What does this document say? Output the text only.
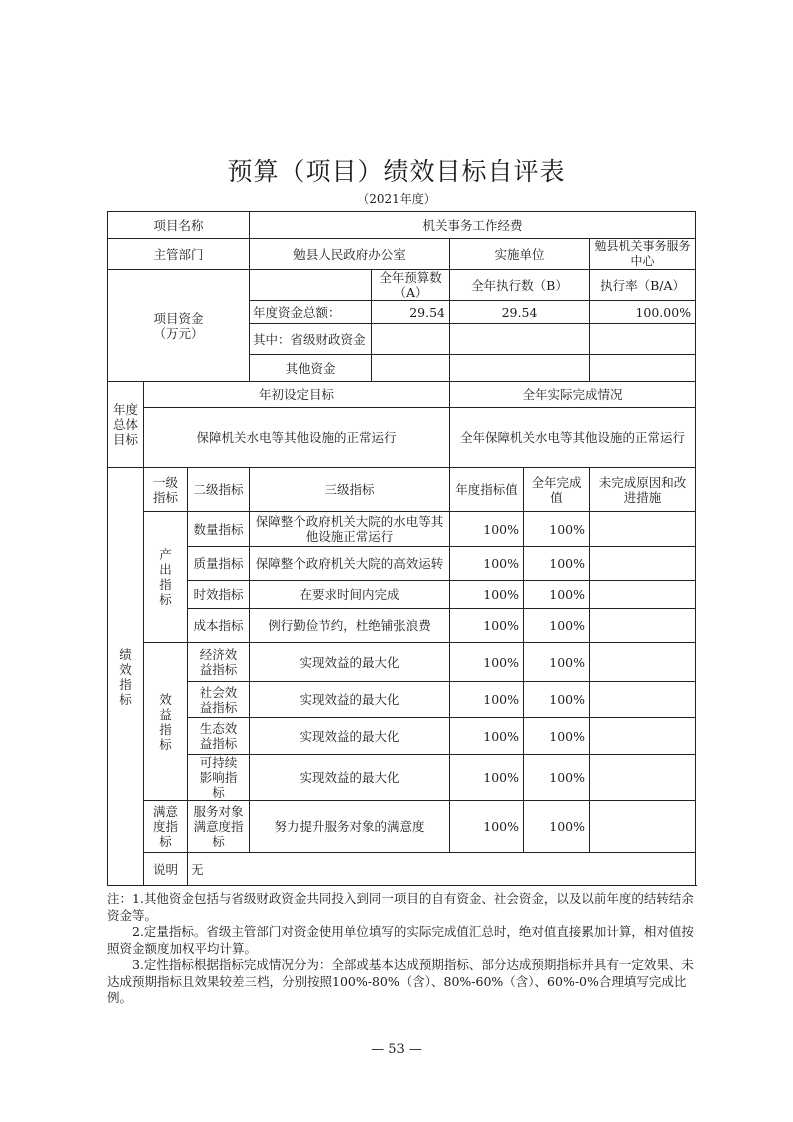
预算（项目）绩效目标自评表
（2021年度）
项目名称			机关事务工作经费				
主管部门			勉县人民政府办公室		实施单位		勉县机关事务服务中心
项目资金（万元）				全年预算数（A）	全年执行数（B）		执行率（B/A）
			年度资金总额：	29.54	29.54		100.00%
			其中：省级财政资金				
			其他资金				
年度总体目标	年初设定目标				全年实际完成情况		
	保障机关水电等其他设施的正常运行				全年保障机关水电等其他设施的正常运行		
绩效指标	一级指标	二级指标	三级指标		年度指标值	全年完成值	未完成原因和改进措施
	产出指标	数量指标	保障整个政府机关大院的水电等其他设施正常运行		100%	100%	
		质量指标	保障整个政府机关大院的高效运转		100%	100%	
		时效指标	在要求时间内完成		100%	100%	
		成本指标	例行勤俭节约，杜绝铺张浪费		100%	100%	
	效益指标	经济效益指标	实现效益的最大化		100%	100%	
		社会效益指标	实现效益的最大化		100%	100%	
		生态效益指标	实现效益的最大化		100%	100%	
		可持续影响指标	实现效益的最大化		100%	100%	
	满意度指标	服务对象满意度指标	努力提升服务对象的满意度		100%	100%	
	说明	无					

注：1.其他资金包括与省级财政资金共同投入到同一项目的自有资金、社会资金，以及以前年度的结转结余资金等。

2.定量指标。省级主管部门对资金使用单位填写的实际完成值汇总时，绝对值直接累加计算，相对值按照资金额度加权平均计算。

3.定性指标根据指标完成情况分为：全部或基本达成预期指标、部分达成预期指标并具有一定效果、未达成预期指标且效果较差三档，分别按照100%-80%（含）、80%-60%（含）、60%-0%合理填写完成比例。

— 53 —
